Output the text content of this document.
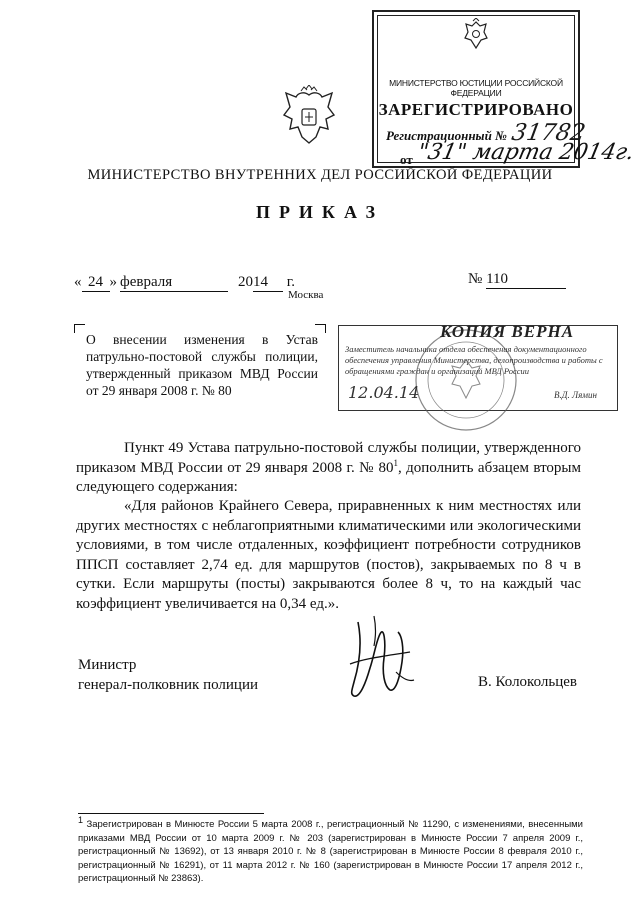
МИНИСТЕРСТВО ЮСТИЦИИ РОССИЙСКОЙ ФЕДЕРАЦИИ
ЗАРЕГИСТРИРОВАНО
Регистрационный № 31782
от "31" марта 2014г.
МИНИСТЕРСТВО ВНУТРЕННИХ ДЕЛ РОССИЙСКОЙ ФЕДЕРАЦИИ
ПРИКАЗ
« 24 » февраля	2014 г.	№ 110
Москва
О внесении изменения в Устав патрульно-постовой службы полиции, утвержденный приказом МВД России от 29 января 2008 г. № 80
КОПИЯ ВЕРНА
Заместитель начальника отдела обеспечения документационного обеспечения управления Министерства, делопроизводства и работы с обращениями граждан и организаций МВД России
12.04.14	В.Д. Лямин
Пункт 49 Устава патрульно-постовой службы полиции, утвержденного приказом МВД России от 29 января 2008 г. № $80^1$, дополнить абзацем вторым следующего содержания:
«Для районов Крайнего Севера, приравненных к ним местностях или других местностях с неблагоприятными климатическими или экологическими условиями, в том числе отдаленных, коэффициент потребности сотрудников ППСП составляет 2,74 ед. для маршрутов (постов), закрываемых по 8 ч в сутки. Если маршруты (посты) закрываются более 8 ч, то на каждый час коэффициент увеличивается на 0,34 ед.».
Министр
генерал-полковник полиции	В. Колокольцев
$^1$ Зарегистрирован в Минюсте России 5 марта 2008 г., регистрационный № 11290, с изменениями, внесенными приказами МВД России от 10 марта 2009 г. № 203 (зарегистрирован в Минюсте России 7 апреля 2009 г., регистрационный № 13692), от 13 января 2010 г. № 8 (зарегистрирован в Минюсте России 8 февраля 2010 г., регистрационный № 16291), от 11 марта 2012 г. № 160 (зарегистрирован в Минюсте России 17 апреля 2012 г., регистрационный № 23863).
